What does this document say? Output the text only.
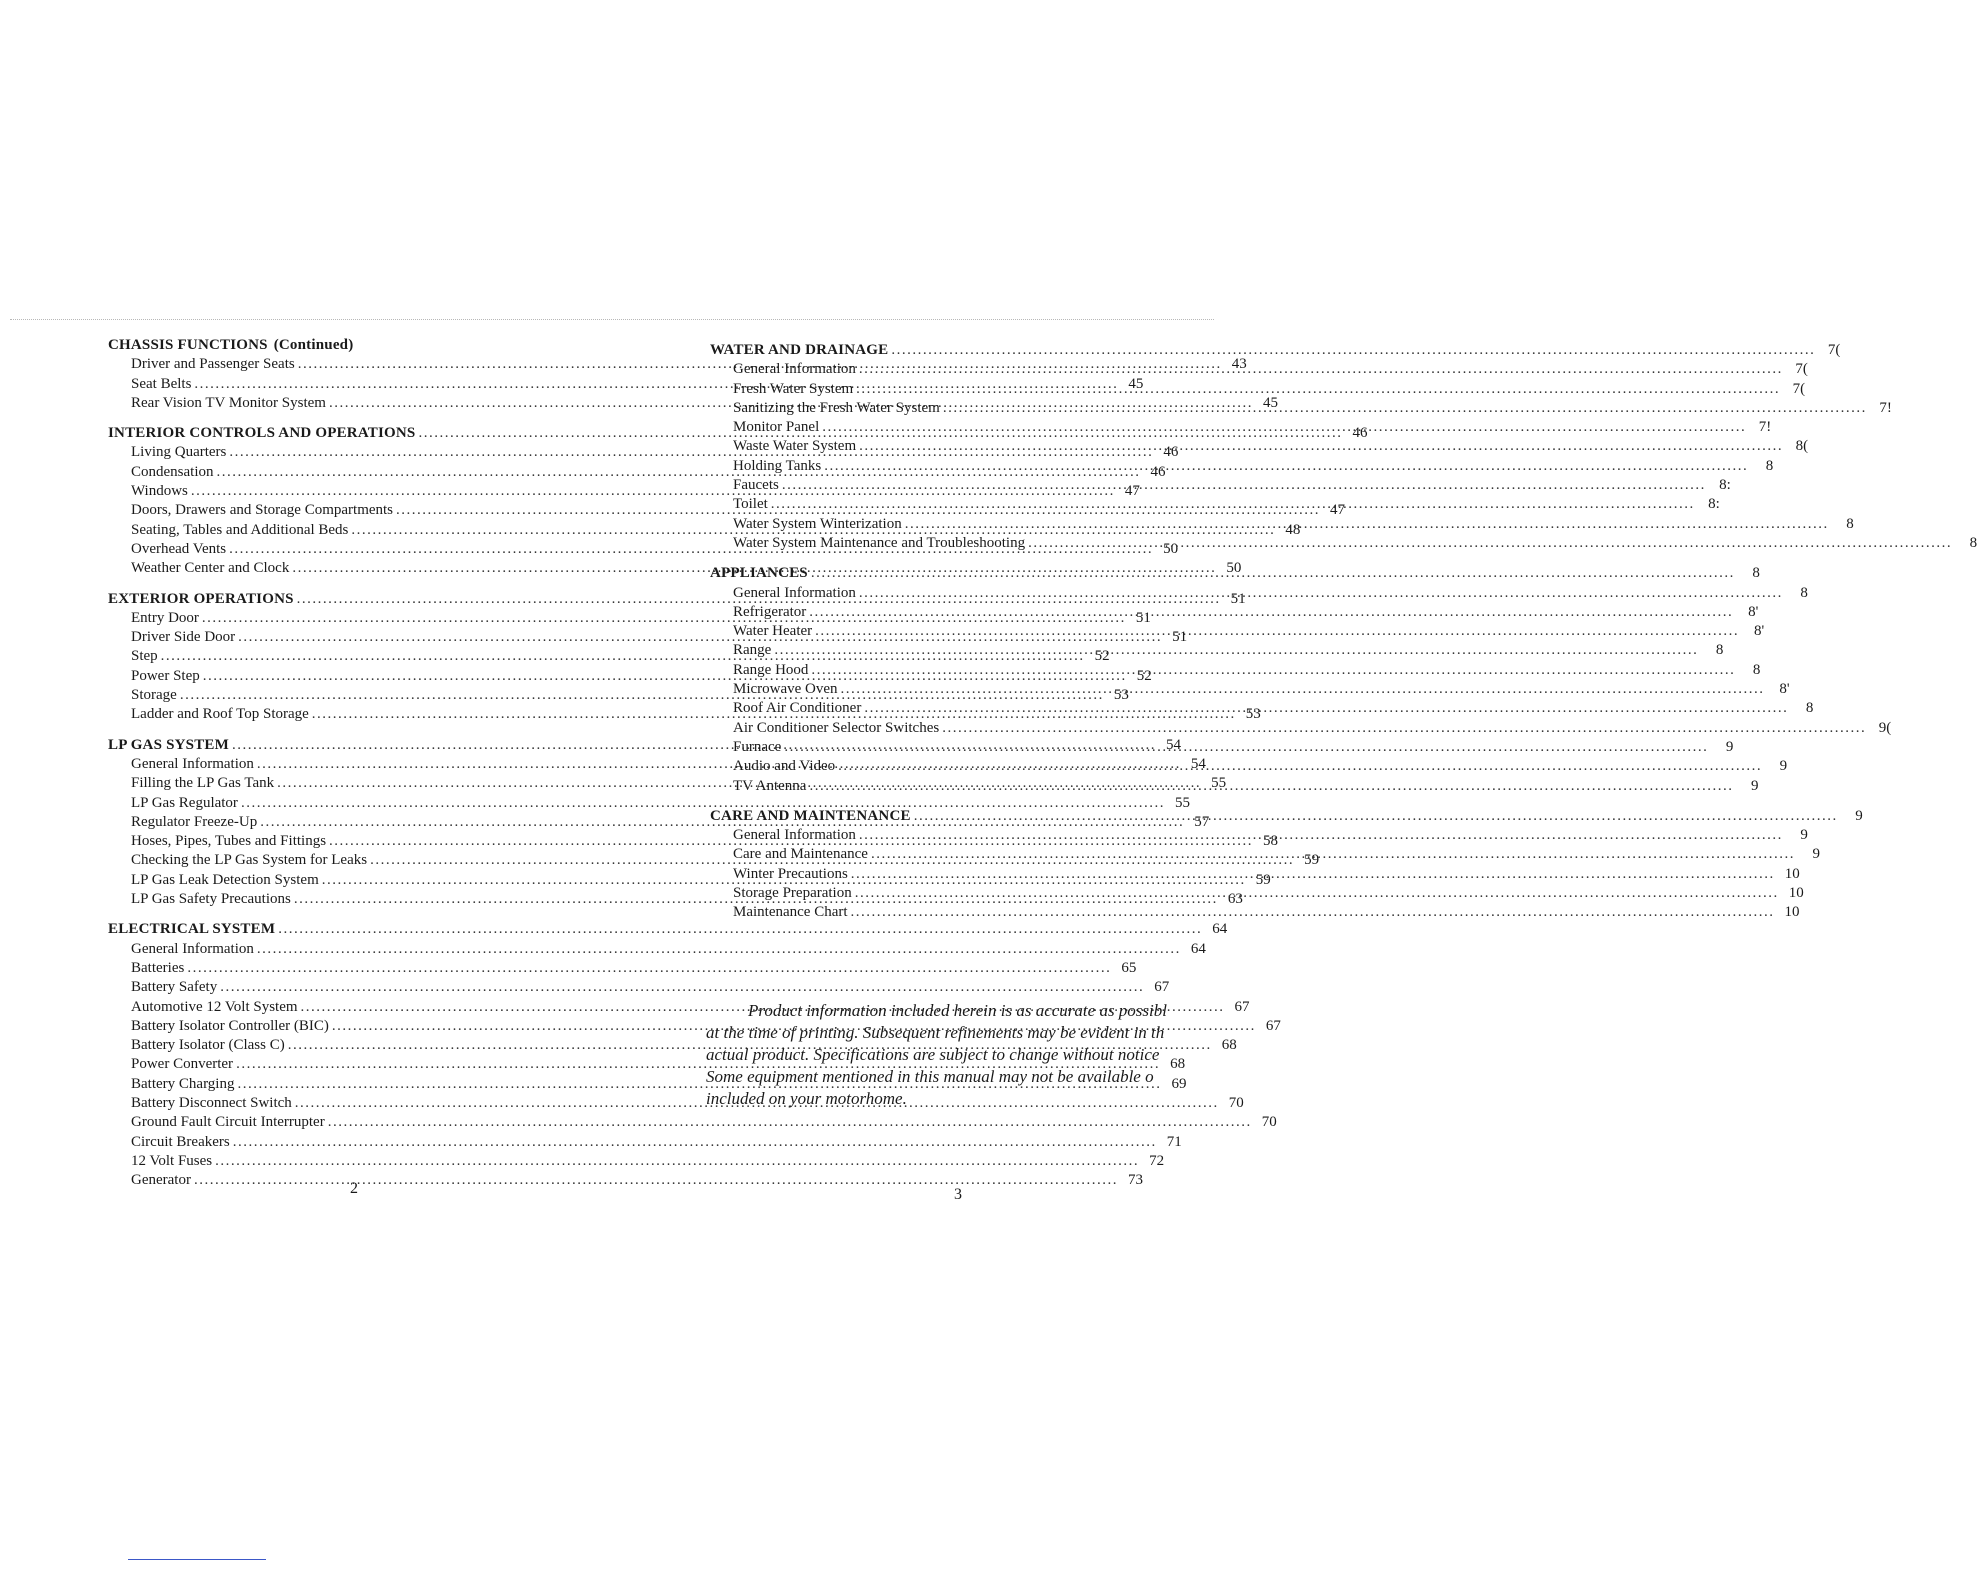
CHASSIS FUNCTIONS (Continued)
Driver and Passenger Seats .....	43
Seat Belts .....	45
Rear Vision TV Monitor System .....	45
INTERIOR CONTROLS AND OPERATIONS .....	46
Living Quarters .....	46
Condensation .....	46
Windows .....	47
Doors, Drawers and Storage Compartments .....	47
Seating, Tables and Additional Beds .....	48
Overhead Vents .....	50
Weather Center and Clock .....	50
EXTERIOR OPERATIONS .....	51
Entry Door .....	51
Driver Side Door .....	51
Step .....	52
Power Step .....	52
Storage .....	53
Ladder and Roof Top Storage .....	53
LP GAS SYSTEM .....	54
General Information .....	54
Filling the LP Gas Tank .....	55
LP Gas Regulator .....	55
Regulator Freeze-Up .....	57
Hoses, Pipes, Tubes and Fittings .....	58
Checking the LP Gas System for Leaks .....	59
LP Gas Leak Detection System .....	59
LP Gas Safety Precautions .....	63
ELECTRICAL SYSTEM .....	64
General Information .....	64
Batteries .....	65
Battery Safety .....	67
Automotive 12 Volt System .....	67
Battery Isolator Controller (BIC) .....	67
Battery Isolator (Class C) .....	68
Power Converter .....	68
Battery Charging .....	69
Battery Disconnect Switch .....	70
Ground Fault Circuit Interrupter .....	70
Circuit Breakers .....	71
12 Volt Fuses .....	72
Generator .....	73
2
WATER AND DRAINAGE .....	7(
General Information .....	7(
Fresh Water System .....	7(
Sanitizing the Fresh Water System .....	7!
Monitor Panel .....	7!
Waste Water System .....	8(
Holding Tanks .....	8
Faucets .....	8:
Toilet .....	8:
Water System Winterization .....	8
Water System Maintenance and Troubleshooting .....	8
APPLIANCES .....	8
General Information .....	8
Refrigerator .....	8'
Water Heater .....	8'
Range .....	8
Range Hood .....	8
Microwave Oven .....	8'
Roof Air Conditioner .....	8
Air Conditioner Selector Switches .....	9(
Furnace .....	9
Audio and Video .....	9
TV Antenna .....	9
CARE AND MAINTENANCE .....	9
General Information .....	9
Care and Maintenance .....	9
Winter Precautions .....	10
Storage Preparation .....	10
Maintenance Chart .....	10
Product information included herein is as accurate as possibl
at the time of printing. Subsequent refinements may be evident in th
actual product. Specifications are subject to change without notice
Some equipment mentioned in this manual may not be available o
included on your motorhome.
3
